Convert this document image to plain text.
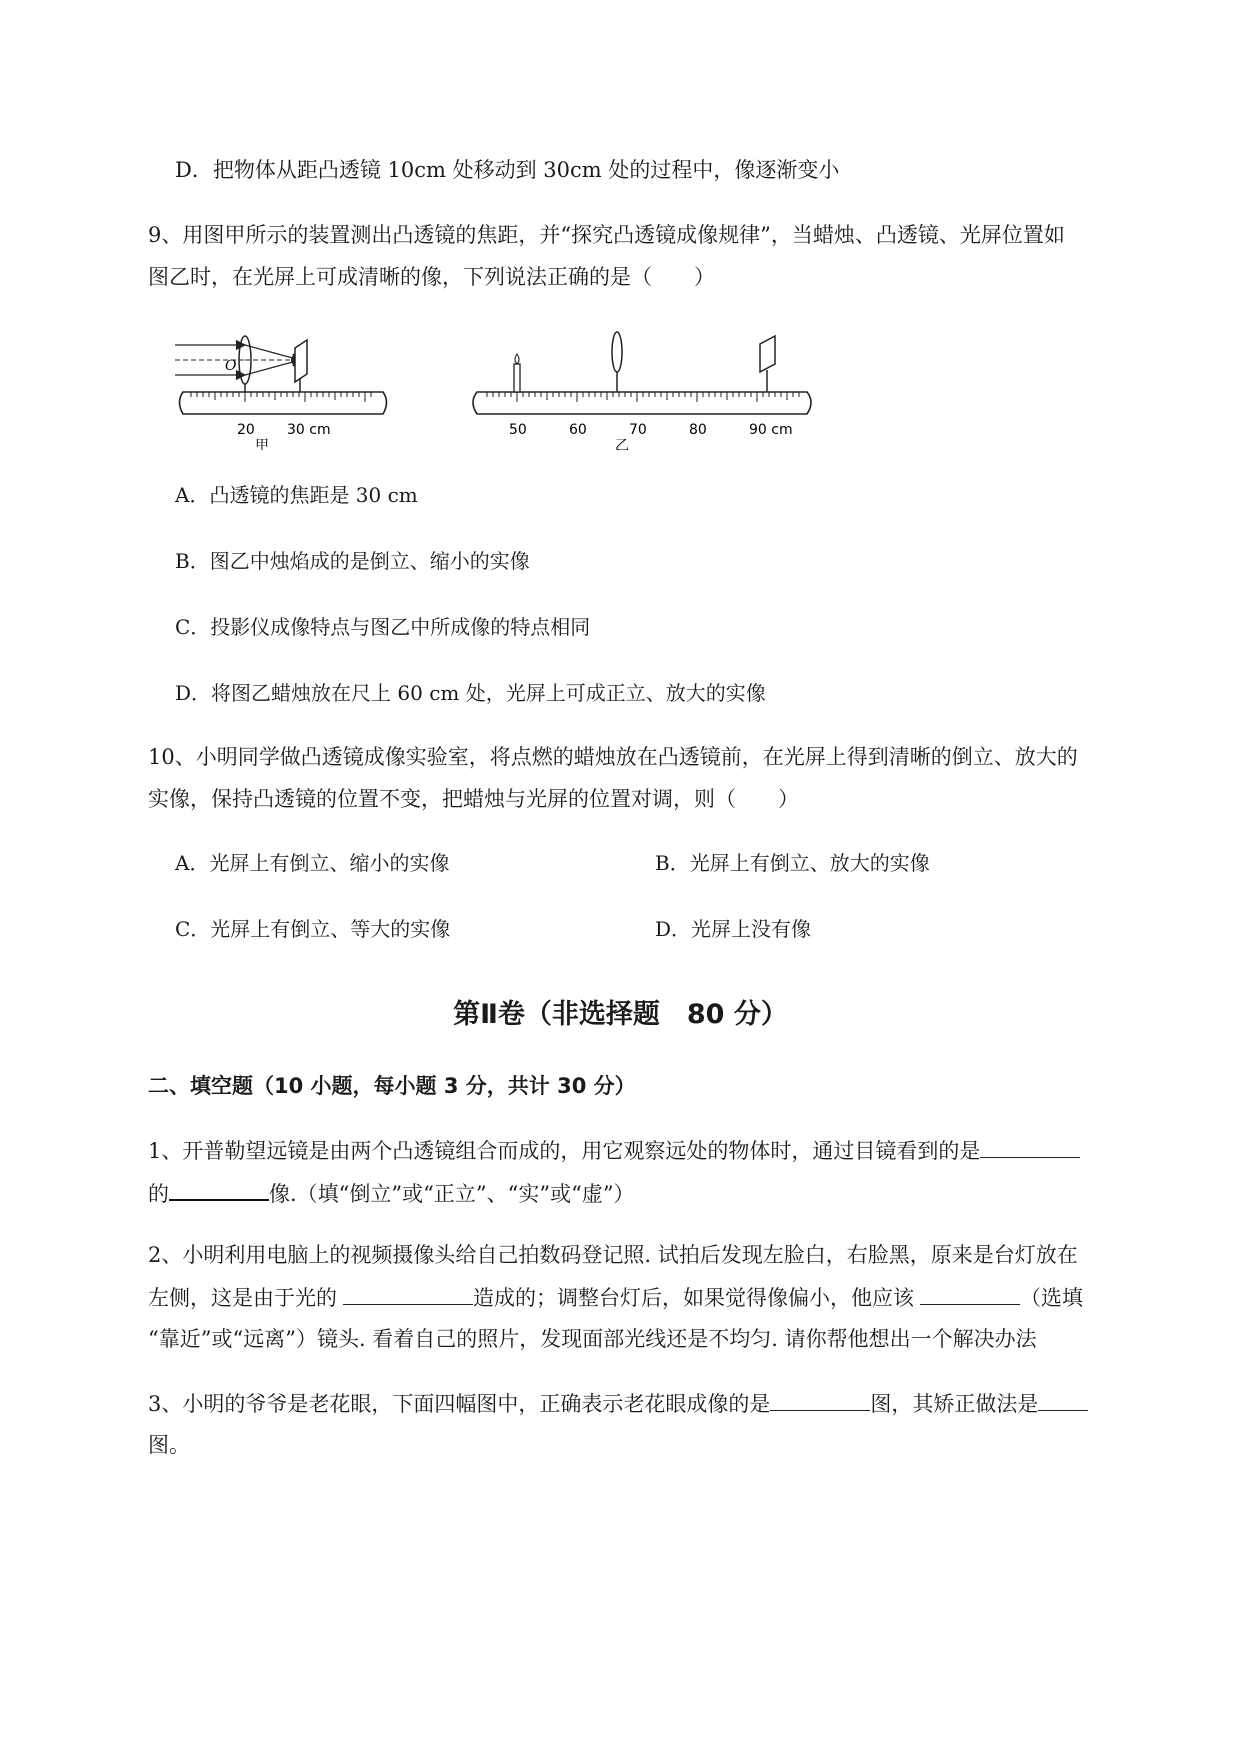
D．把物体从距凸透镜 10cm 处移动到 30cm 处的过程中，像逐渐变小
9、用图甲所示的装置测出凸透镜的焦距，并“探究凸透镜成像规律”，当蜡烛、凸透镜、光屏位置如
图乙时，在光屏上可成清晰的像，下列说法正确的是（　　）
O
20 30 cm
甲
50	60	70	80	90 cm
乙
A．凸透镜的焦距是 30 cm
B．图乙中烛焰成的是倒立、缩小的实像
C．投影仪成像特点与图乙中所成像的特点相同
D．将图乙蜡烛放在尺上 60 cm 处，光屏上可成正立、放大的实像
10、小明同学做凸透镜成像实验室，将点燃的蜡烛放在凸透镜前，在光屏上得到清晰的倒立、放大的
实像，保持凸透镜的位置不变，把蜡烛与光屏的位置对调，则（　　）
A．光屏上有倒立、缩小的实像	B．光屏上有倒立、放大的实像
C．光屏上有倒立、等大的实像	D．光屏上没有像
第Ⅱ卷（非选择题　80 分）
二、填空题（10 小题，每小题 3 分，共计 30 分）
1、开普勒望远镜是由两个凸透镜组合而成的，用它观察远处的物体时，通过目镜看到的是
的	像.（填“倒立”或“正立”、“实”或“虚”）
2、小明利用电脑上的视频摄像头给自己拍数码登记照. 试拍后发现左脸白，右脸黑，原来是台灯放在
左侧，这是由于光的	造成的；调整台灯后，如果觉得像偏小，他应该	（选填
“靠近”或“远离”）镜头. 看着自己的照片，发现面部光线还是不均匀. 请你帮他想出一个解决办法
3、小明的爷爷是老花眼，下面四幅图中，正确表示老花眼成像的是	图，其矫正做法是
图。
